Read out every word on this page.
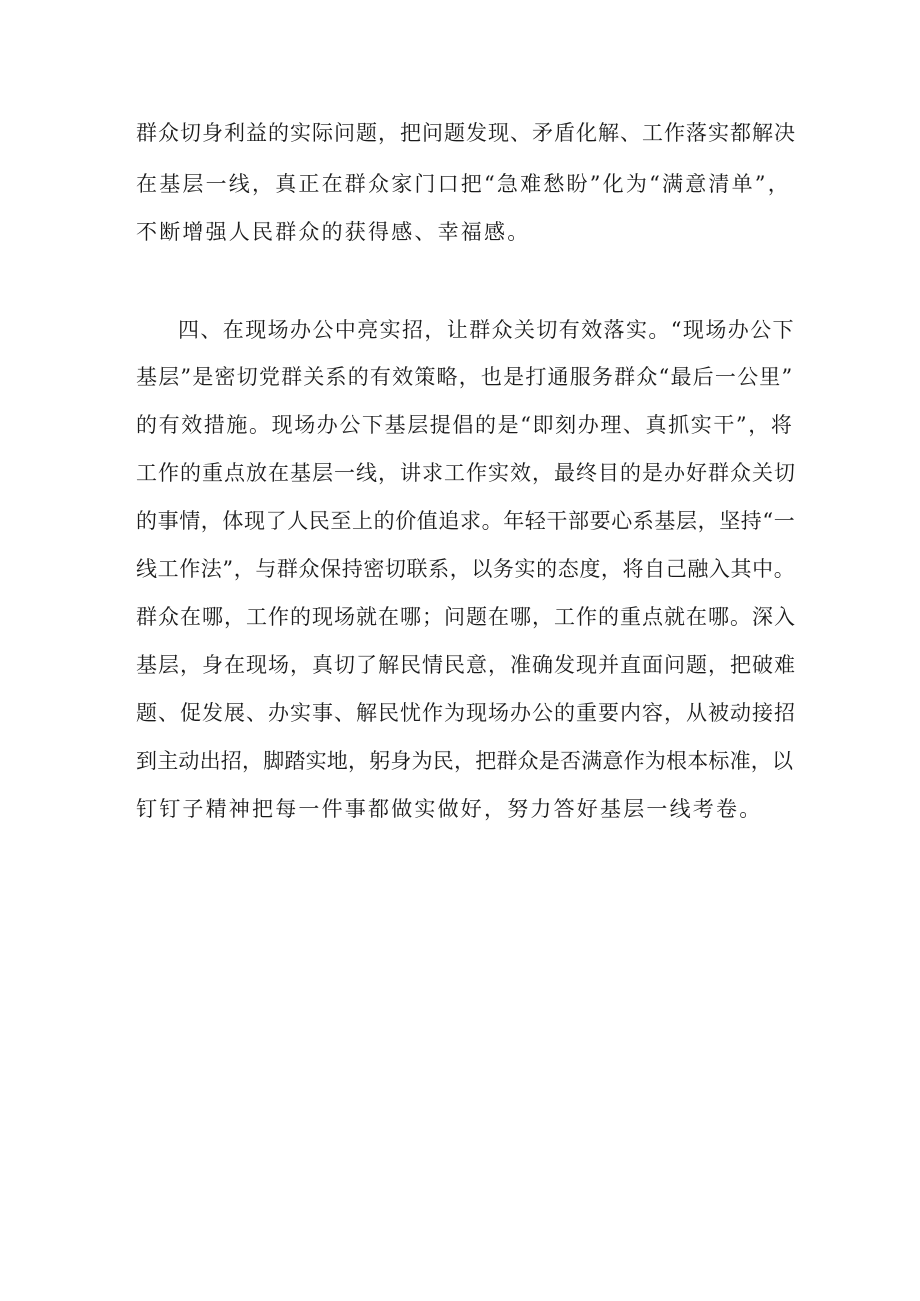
群众切身利益的实际问题，把问题发现、矛盾化解、工作落实都解决
在基层一线，真正在群众家门口把“急难愁盼”化为“满意清单”，
不断增强人民群众的获得感、幸福感。
四、在现场办公中亮实招，让群众关切有效落实。“现场办公下
基层”是密切党群关系的有效策略，也是打通服务群众“最后一公里”
的有效措施。现场办公下基层提倡的是“即刻办理、真抓实干”，将
工作的重点放在基层一线，讲求工作实效，最终目的是办好群众关切
的事情，体现了人民至上的价值追求。年轻干部要心系基层，坚持“一
线工作法”，与群众保持密切联系，以务实的态度，将自己融入其中。
群众在哪，工作的现场就在哪；问题在哪，工作的重点就在哪。深入
基层，身在现场，真切了解民情民意，准确发现并直面问题，把破难
题、促发展、办实事、解民忧作为现场办公的重要内容，从被动接招
到主动出招，脚踏实地，躬身为民，把群众是否满意作为根本标准，以
钉钉子精神把每一件事都做实做好，努力答好基层一线考卷。
